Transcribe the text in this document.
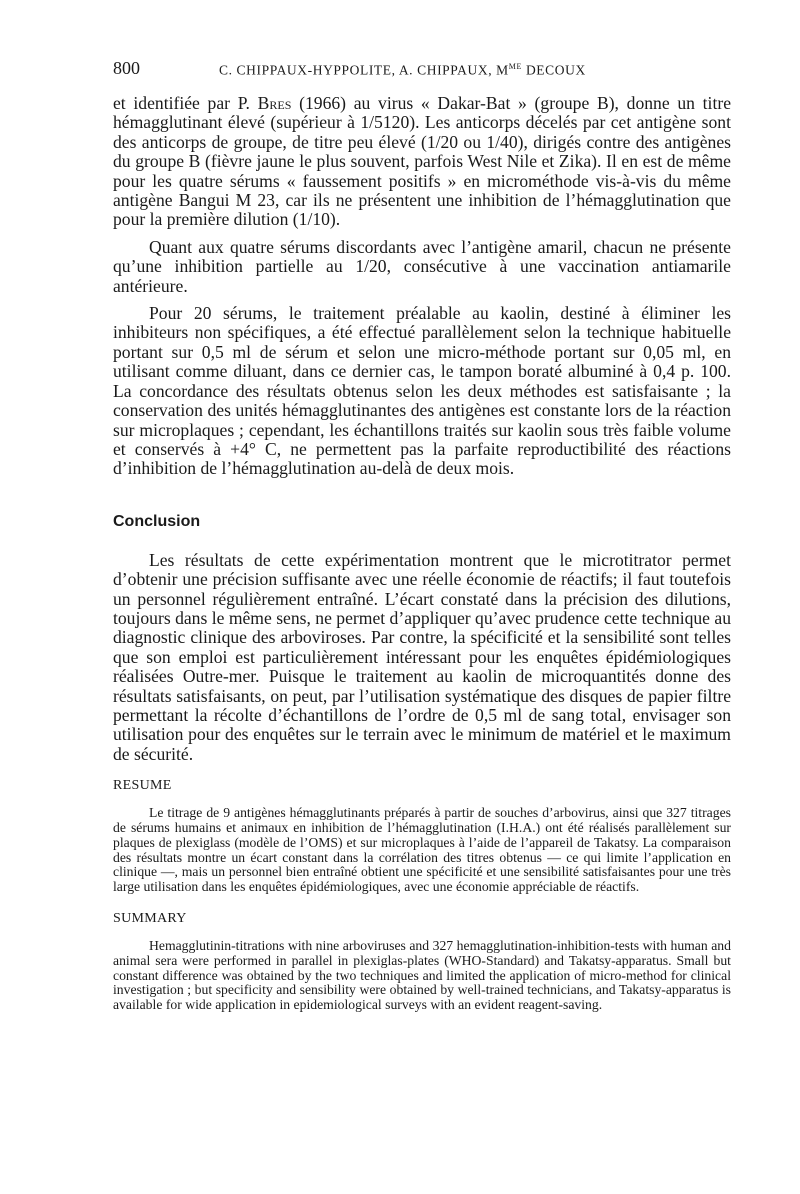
800	C. CHIPPAUX-HYPPOLITE, A. CHIPPAUX, $M^{ME}$ DECOUX

et identifiée par P. Bres (1966) au virus « Dakar-Bat » (groupe B), donne un titre hémagglutinant élevé (supérieur à 1/5120). Les anticorps décelés par cet antigène sont des anticorps de groupe, de titre peu élevé (1/20 ou 1/40), dirigés contre des antigènes du groupe B (fièvre jaune le plus souvent, parfois West Nile et Zika). Il en est de même pour les quatre sérums « faussement positifs » en microméthode vis-à-vis du même antigène Bangui M 23, car ils ne présentent une inhibition de l’hémagglutination que pour la première dilution (1/10).

Quant aux quatre sérums discordants avec l’antigène amaril, chacun ne présente qu’une inhibition partielle au 1/20, consécutive à une vaccination antiamarile antérieure.

Pour 20 sérums, le traitement préalable au kaolin, destiné à éliminer les inhibiteurs non spécifiques, a été effectué parallèlement selon la technique habituelle portant sur 0,5 ml de sérum et selon une micro-méthode portant sur 0,05 ml, en utilisant comme diluant, dans ce dernier cas, le tampon boraté albuminé à 0,4 p. 100. La concordance des résultats obtenus selon les deux méthodes est satisfaisante ; la conservation des unités hémagglutinantes des antigènes est constante lors de la réaction sur microplaques ; cependant, les échantillons traités sur kaolin sous très faible volume et conservés à +4° C, ne permettent pas la parfaite reproductibilité des réactions d’inhibition de l’hémagglutination au-delà de deux mois.

Conclusion

Les résultats de cette expérimentation montrent que le microtitrator permet d’obtenir une précision suffisante avec une réelle économie de réactifs; il faut toutefois un personnel régulièrement entraîné. L’écart constaté dans la précision des dilutions, toujours dans le même sens, ne permet d’appliquer qu’avec prudence cette technique au diagnostic clinique des arboviroses. Par contre, la spécificité et la sensibilité sont telles que son emploi est particulièrement intéressant pour les enquêtes épidémiologiques réalisées Outre-mer. Puisque le traitement au kaolin de microquantités donne des résultats satisfaisants, on peut, par l’utilisation systématique des disques de papier filtre permettant la récolte d’échantillons de l’ordre de 0,5 ml de sang total, envisager son utilisation pour des enquêtes sur le terrain avec le minimum de matériel et le maximum de sécurité.

RESUME

Le titrage de 9 antigènes hémagglutinants préparés à partir de souches d’arbovirus, ainsi que 327 titrages de sérums humains et animaux en inhibition de l’hémagglutination (I.H.A.) ont été réalisés parallèlement sur plaques de plexiglass (modèle de l’OMS) et sur microplaques à l’aide de l’appareil de Takatsy. La comparaison des résultats montre un écart constant dans la corrélation des titres obtenus — ce qui limite l’application en clinique —, mais un personnel bien entraîné obtient une spécificité et une sensibilité satisfaisantes pour une très large utilisation dans les enquêtes épidémiologiques, avec une économie appréciable de réactifs.

SUMMARY

Hemagglutinin-titrations with nine arboviruses and 327 hemagglutination-inhibition-tests with human and animal sera were performed in parallel in plexiglas-plates (WHO-Standard) and Takatsy-apparatus. Small but constant difference was obtained by the two techniques and limited the application of micro-method for clinical investigation ; but specificity and sensibility were obtained by well-trained technicians, and Takatsy-apparatus is available for wide application in epidemiological surveys with an evident reagent-saving.
